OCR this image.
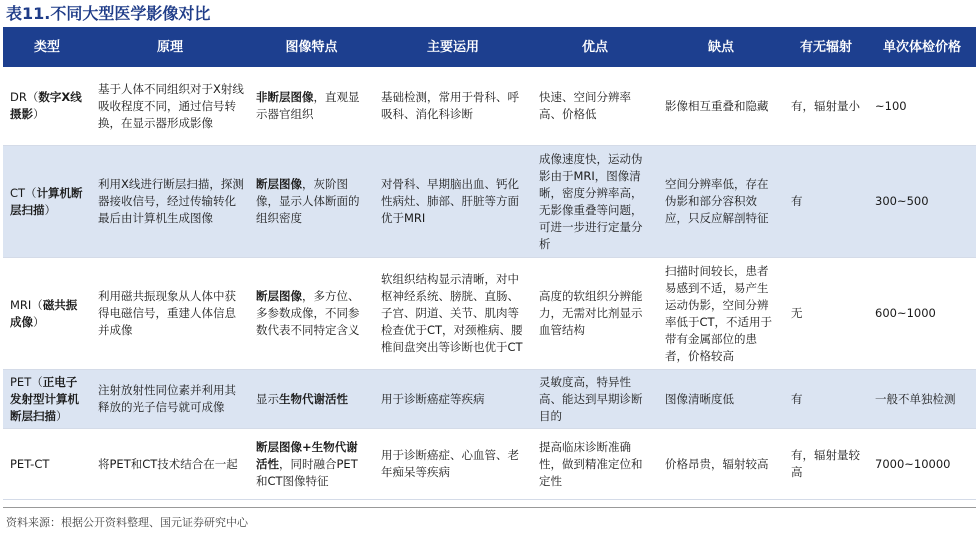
表11.不同大型医学影像对比
类型	原理	图像特点	主要运用	优点	缺点	有无辐射	单次体检价格
DR（数字X线摄影）	基于人体不同组织对于X射线吸收程度不同，通过信号转换，在显示器形成影像	非断层图像，直观显示器官组织	基础检测，常用于骨科、呼吸科、消化科诊断	快速、空间分辨率高、价格低	影像相互重叠和隐藏	有，辐射量小	~100
CT（计算机断层扫描）	利用X线进行断层扫描，探测器接收信号，经过传输转化最后由计算机生成图像	断层图像，灰阶图像，显示人体断面的组织密度	对骨科、早期脑出血、钙化性病灶、肺部、肝脏等方面优于MRI	成像速度快，运动伪影由于MRI，图像清晰，密度分辨率高，无影像重叠等问题，可进一步进行定量分析	空间分辨率低，存在伪影和部分容积效应，只反应解剖特征	有	300~500
MRI（磁共振成像）	利用磁共振现象从人体中获得电磁信号，重建人体信息并成像	断层图像，多方位、多参数成像，不同参数代表不同特定含义	软组织结构显示清晰，对中枢神经系统、膀胱、直肠、子宫、阴道、关节、肌肉等检查优于CT，对颈椎病、腰椎间盘突出等诊断也优于CT	高度的软组织分辨能力，无需对比剂显示血管结构	扫描时间较长，患者易感到不适，易产生运动伪影，空间分辨率低于CT，不适用于带有金属部位的患者，价格较高	无	600~1000
PET（正电子发射型计算机断层扫描）	注射放射性同位素并利用其释放的光子信号就可成像	显示生物代谢活性	用于诊断癌症等疾病	灵敏度高，特异性高、能达到早期诊断目的	图像清晰度低	有	一般不单独检测
PET-CT	将PET和CT技术结合在一起	断层图像+生物代谢活性，同时融合PET和CT图像特征	用于诊断癌症、心血管、老年痴呆等疾病	提高临床诊断准确性，做到精准定位和定性	价格昂贵，辐射较高	有，辐射量较高	7000~10000
资料来源：根据公开资料整理、国元证券研究中心
